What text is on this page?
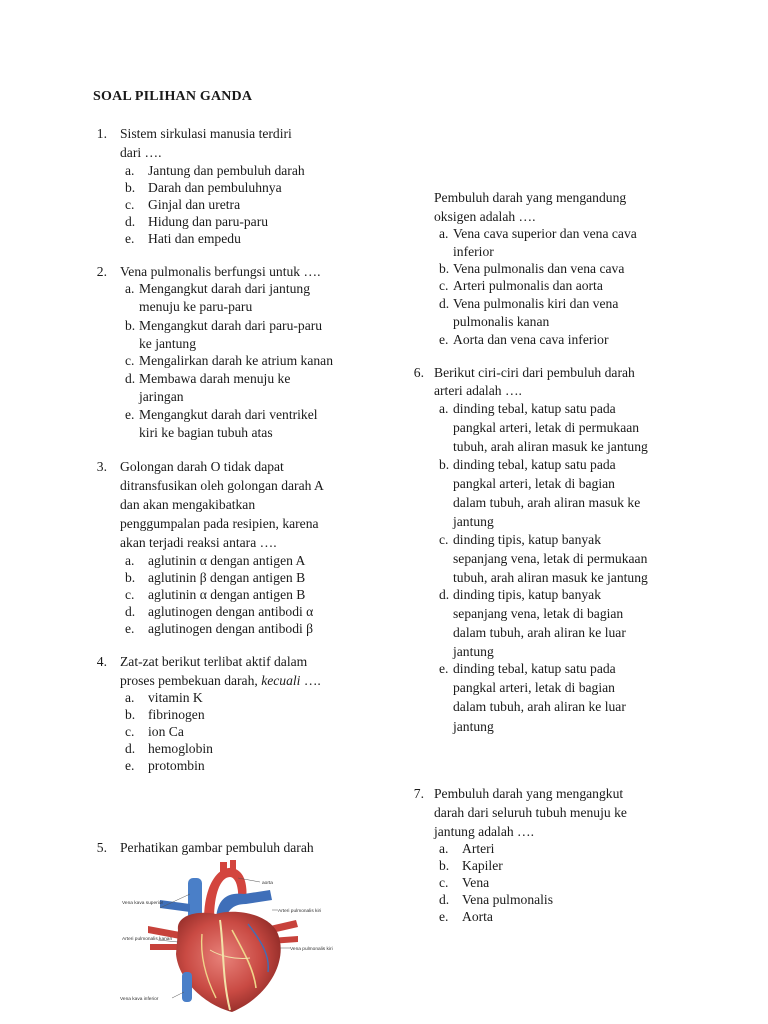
SOAL PILIHAN GANDA
1. Sistem sirkulasi manusia terdiri
dari ….
a. Jantung dan pembuluh darah
b. Darah dan pembuluhnya
c. Ginjal dan uretra
d. Hidung dan paru-paru
e. Hati dan empedu
2. Vena pulmonalis berfungsi untuk ….
a. Mengangkut darah dari jantung
menuju ke paru-paru
b. Mengangkut darah dari paru-paru
ke jantung
c. Mengalirkan darah ke atrium kanan
d. Membawa darah menuju ke
jaringan
e. Mengangkut darah dari ventrikel
kiri ke bagian tubuh atas
3. Golongan darah O tidak dapat
ditransfusikan oleh golongan darah A
dan akan mengakibatkan
penggumpalan pada resipien, karena
akan terjadi reaksi antara ….
a. aglutinin α dengan antigen A
b. aglutinin β dengan antigen B
c. aglutinin α dengan antigen B
d. aglutinogen dengan antibodi α
e. aglutinogen dengan antibodi β
4. Zat-zat berikut terlibat aktif dalam
proses pembekuan darah, kecuali ….
a. vitamin K
b. fibrinogen
c. ion Ca
d. hemoglobin
e. protombin
5. Perhatikan gambar pembuluh darah
aorta
Vena kava superior
Arteri pulmonalis kiri
Arteri pulmonalis kanan
Vena pulmonalis kiri
Vena kava inferior
Pembuluh darah yang mengandung
oksigen adalah ….
a. Vena cava superior dan vena cava
inferior
b. Vena pulmonalis dan vena cava
c. Arteri pulmonalis dan aorta
d. Vena pulmonalis kiri dan vena
pulmonalis kanan
e. Aorta dan vena cava inferior
6. Berikut ciri-ciri dari pembuluh darah
arteri adalah ….
a. dinding tebal, katup satu pada
pangkal arteri, letak di permukaan
tubuh, arah aliran masuk ke jantung
b. dinding tebal, katup satu pada
pangkal arteri, letak di bagian
dalam tubuh, arah aliran masuk ke
jantung
c. dinding tipis, katup banyak
sepanjang vena, letak di permukaan
tubuh, arah aliran masuk ke jantung
d. dinding tipis, katup banyak
sepanjang vena, letak di bagian
dalam tubuh, arah aliran ke luar
jantung
e. dinding tebal, katup satu pada
pangkal arteri, letak di bagian
dalam tubuh, arah aliran ke luar
jantung
7. Pembuluh darah yang mengangkut
darah dari seluruh tubuh menuju ke
jantung adalah ….
a. Arteri
b. Kapiler
c. Vena
d. Vena pulmonalis
e. Aorta
